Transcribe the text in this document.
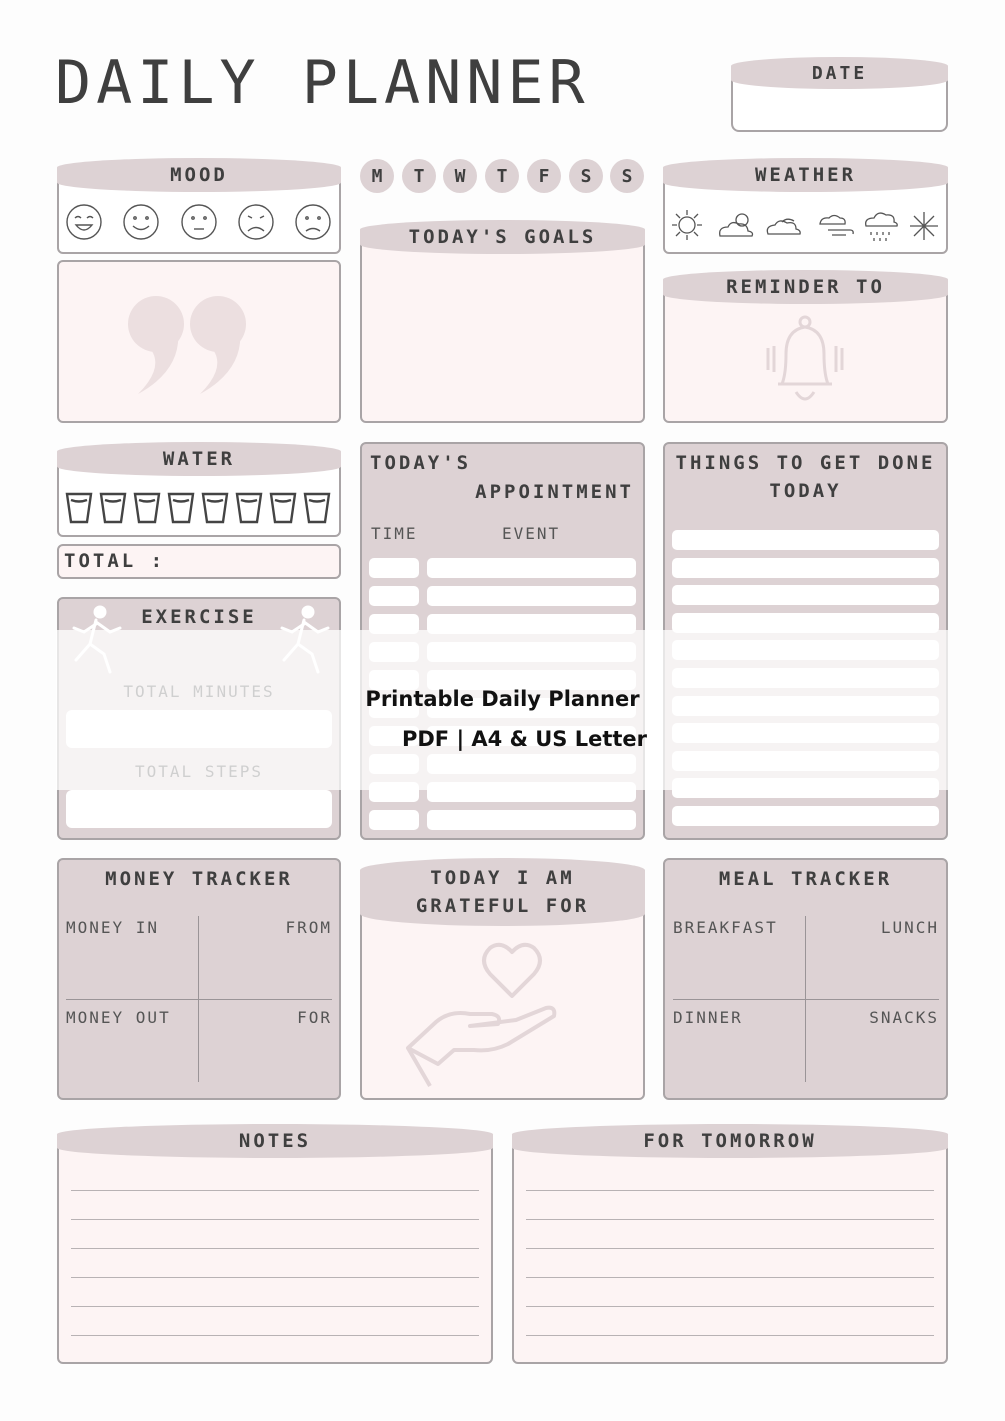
DAILY PLANNER	DATE
MOOD	M	T	W	T	F	S	S
TODAY'S GOALS
WEATHER
REMINDER TO
WATER
TOTAL :
EXERCISE
TODAY'S
APPOINTMENT
TIME	EVENT
THINGS TO GET DONE
TODAY
Printable Daily Planner
PDF | A4 & US Letter
MONEY TRACKER
MONEY IN	FROM
MONEY OUT	FOR
TODAY I AM
GRATEFUL FOR
MEAL TRACKER
BREAKFAST	LUNCH
DINNER	SNACKS
NOTES	FOR TOMORROW
